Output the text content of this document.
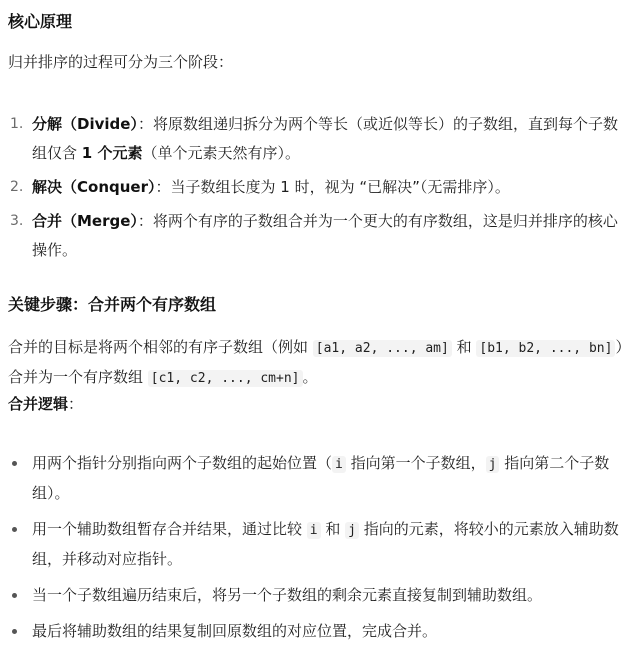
核心原理
归并排序的过程可分为三个阶段：
1. 分解（Divide）：将原数组递归拆分为两个等长（或近似等长）的子数组，直到每个子数组仅含 1 个元素（单个元素天然有序）。
2. 解决（Conquer）：当子数组长度为 1 时，视为 “已解决”（无需排序）。
3. 合并（Merge）：将两个有序的子数组合并为一个更大的有序数组，这是归并排序的核心操作。
关键步骤：合并两个有序数组
合并的目标是将两个相邻的有序子数组（例如 [a1, a2, ..., am] 和 [b1, b2, ..., bn] ）合并为一个有序数组 [c1, c2, ..., cm+n] 。
合并逻辑：
用两个指针分别指向两个子数组的起始位置（ i 指向第一个子数组， j 指向第二个子数组）。
用一个辅助数组暂存合并结果，通过比较 i 和 j 指向的元素，将较小的元素放入辅助数组，并移动对应指针。
当一个子数组遍历结束后，将另一个子数组的剩余元素直接复制到辅助数组。
最后将辅助数组的结果复制回原数组的对应位置，完成合并。
